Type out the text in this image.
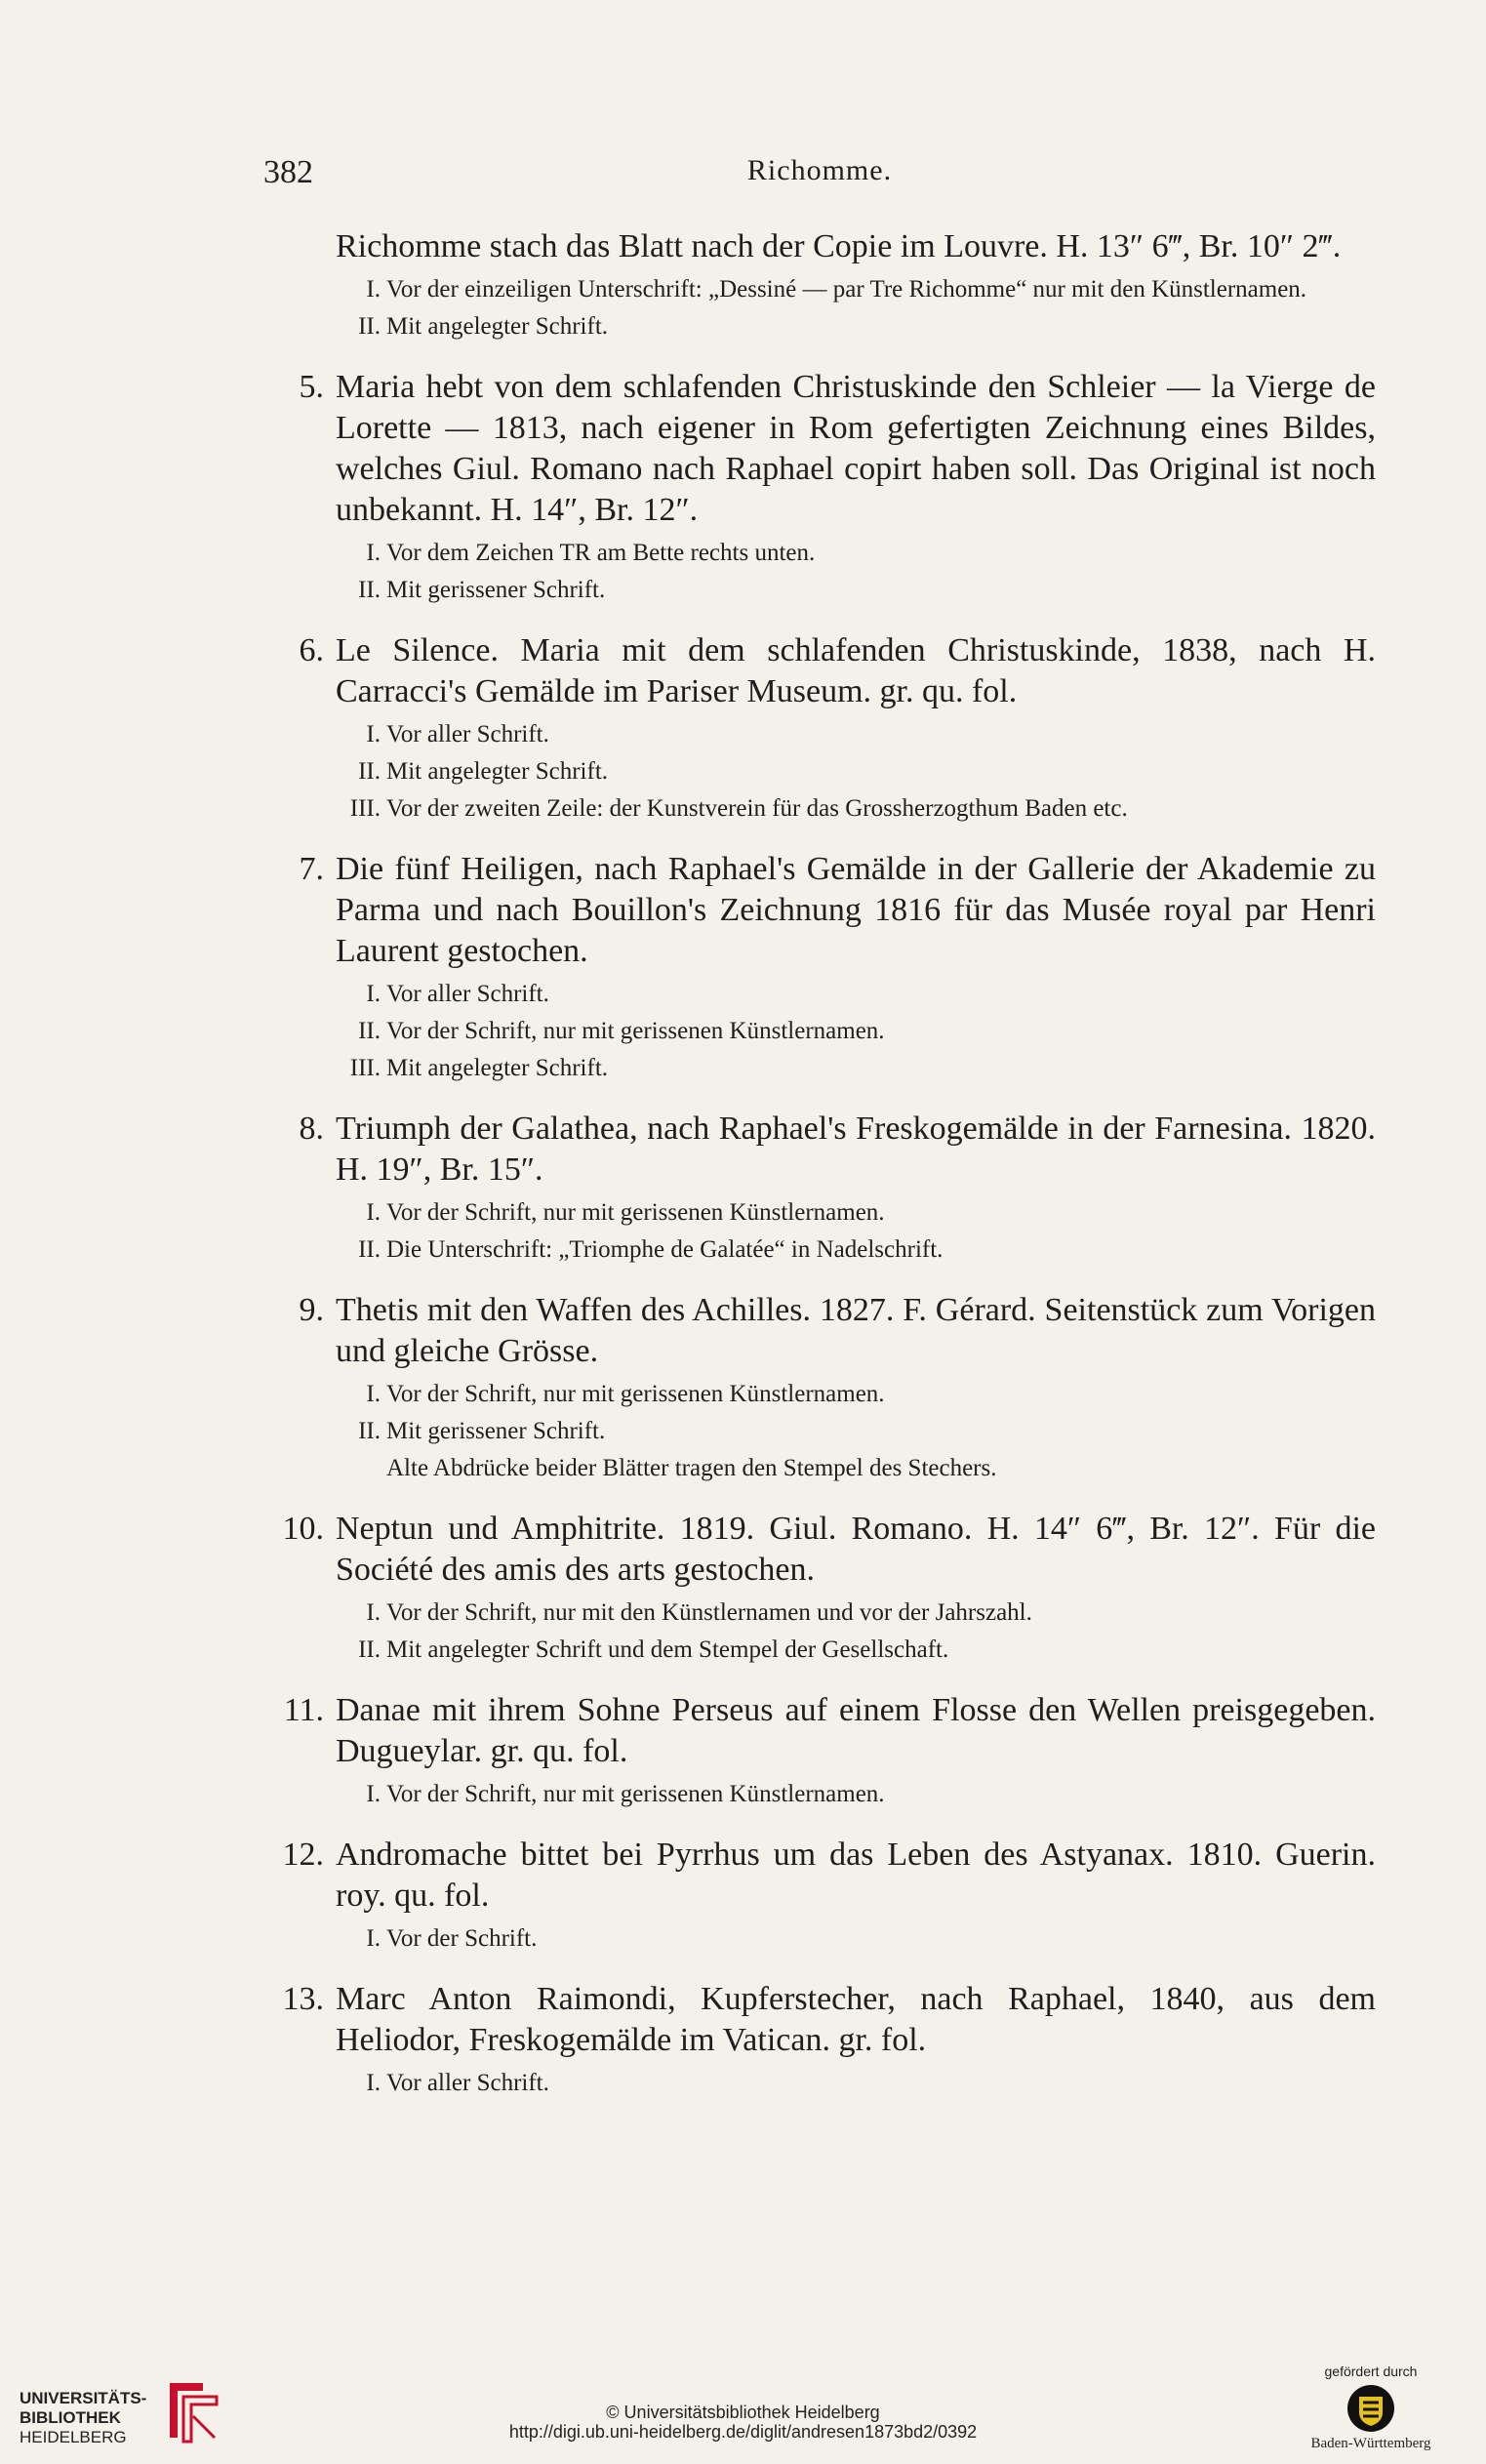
382	Richomme.
Richomme stach das Blatt nach der Copie im Louvre. H. 13″ 6‴, Br. 10″ 2‴.
I. Vor der einzeiligen Unterschrift: „Dessiné — par Tre Richomme“ nur mit den Künstlernamen.
II. Mit angelegter Schrift.
5. Maria hebt von dem schlafenden Christuskinde den Schleier — la Vierge de Lorette — 1813, nach eigener in Rom gefertigten Zeichnung eines Bildes, welches Giul. Romano nach Raphael copirt haben soll. Das Original ist noch unbekannt. H. 14″, Br. 12″.
I. Vor dem Zeichen TR am Bette rechts unten.
II. Mit gerissener Schrift.
6. Le Silence. Maria mit dem schlafenden Christuskinde, 1838, nach H. Carracci's Gemälde im Pariser Museum. gr. qu. fol.
I. Vor aller Schrift.
II. Mit angelegter Schrift.
III. Vor der zweiten Zeile: der Kunstverein für das Grossherzogthum Baden etc.
7. Die fünf Heiligen, nach Raphael's Gemälde in der Gallerie der Akademie zu Parma und nach Bouillon's Zeichnung 1816 für das Musée royal par Henri Laurent gestochen.
I. Vor aller Schrift.
II. Vor der Schrift, nur mit gerissenen Künstlernamen.
III. Mit angelegter Schrift.
8. Triumph der Galathea, nach Raphael's Freskogemälde in der Farnesina. 1820. H. 19″, Br. 15″.
I. Vor der Schrift, nur mit gerissenen Künstlernamen.
II. Die Unterschrift: „Triomphe de Galatée“ in Nadelschrift.
9. Thetis mit den Waffen des Achilles. 1827. F. Gérard. Seitenstück zum Vorigen und gleiche Grösse.
I. Vor der Schrift, nur mit gerissenen Künstlernamen.
II. Mit gerissener Schrift.
Alte Abdrücke beider Blätter tragen den Stempel des Stechers.
10. Neptun und Amphitrite. 1819. Giul. Romano. H. 14″ 6‴, Br. 12″. Für die Société des amis des arts gestochen.
I. Vor der Schrift, nur mit den Künstlernamen und vor der Jahrszahl.
II. Mit angelegter Schrift und dem Stempel der Gesellschaft.
11. Danae mit ihrem Sohne Perseus auf einem Flosse den Wellen preisgegeben. Dugueylar. gr. qu. fol.
I. Vor der Schrift, nur mit gerissenen Künstlernamen.
12. Andromache bittet bei Pyrrhus um das Leben des Astyanax. 1810. Guerin. roy. qu. fol.
I. Vor der Schrift.
13. Marc Anton Raimondi, Kupferstecher, nach Raphael, 1840, aus dem Heliodor, Freskogemälde im Vatican. gr. fol.
I. Vor aller Schrift.
UNIVERSITÄTS-
BIBLIOTHEK
HEIDELBERG
© Universitätsbibliothek Heidelberg
http://digi.ub.uni-heidelberg.de/diglit/andresen1873bd2/0392
gefördert durch
Baden-Württemberg
